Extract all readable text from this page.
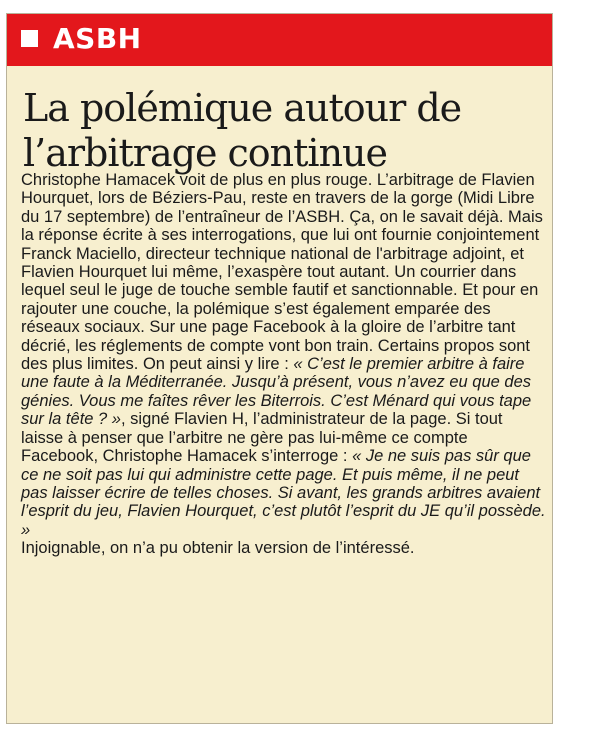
ASBH
La polémique autour de l’arbitrage continue
Christophe Hamacek voit de plus en plus rouge. L’arbitrage de Flavien Hourquet, lors de Béziers-Pau, reste en travers de la gorge (Midi Libre du 17 septembre) de l’entraîneur de l’ASBH. Ça, on le savait déjà. Mais la réponse écrite à ses interrogations, que lui ont fournie conjointement Franck Maciello, directeur technique national de l'arbitrage adjoint, et Flavien Hourquet lui même, l’exaspère tout autant. Un courrier dans lequel seul le juge de touche semble fautif et sanctionnable. Et pour en rajouter une couche, la polémique s’est également emparée des réseaux sociaux. Sur une page Facebook à la gloire de l’arbitre tant décrié, les réglements de compte vont bon train. Certains propos sont des plus limites. On peut ainsi y lire : « C’est le premier arbitre à faire une faute à la Méditerranée. Jusqu’à présent, vous n’avez eu que des génies. Vous me faîtes rêver les Biterrois. C’est Ménard qui vous tape sur la tête ? », signé Flavien H, l’administrateur de la page. Si tout laisse à penser que l’arbitre ne gère pas lui-même ce compte Facebook, Christophe Hamacek s’interroge : « Je ne suis pas sûr que ce ne soit pas lui qui administre cette page. Et puis même, il ne peut pas laisser écrire de telles choses. Si avant, les grands arbitres avaient l’esprit du jeu, Flavien Hourquet, c’est plutôt l’esprit du JE qu’il possède. »
Injoignable, on n’a pu obtenir la version de l’intéressé.
